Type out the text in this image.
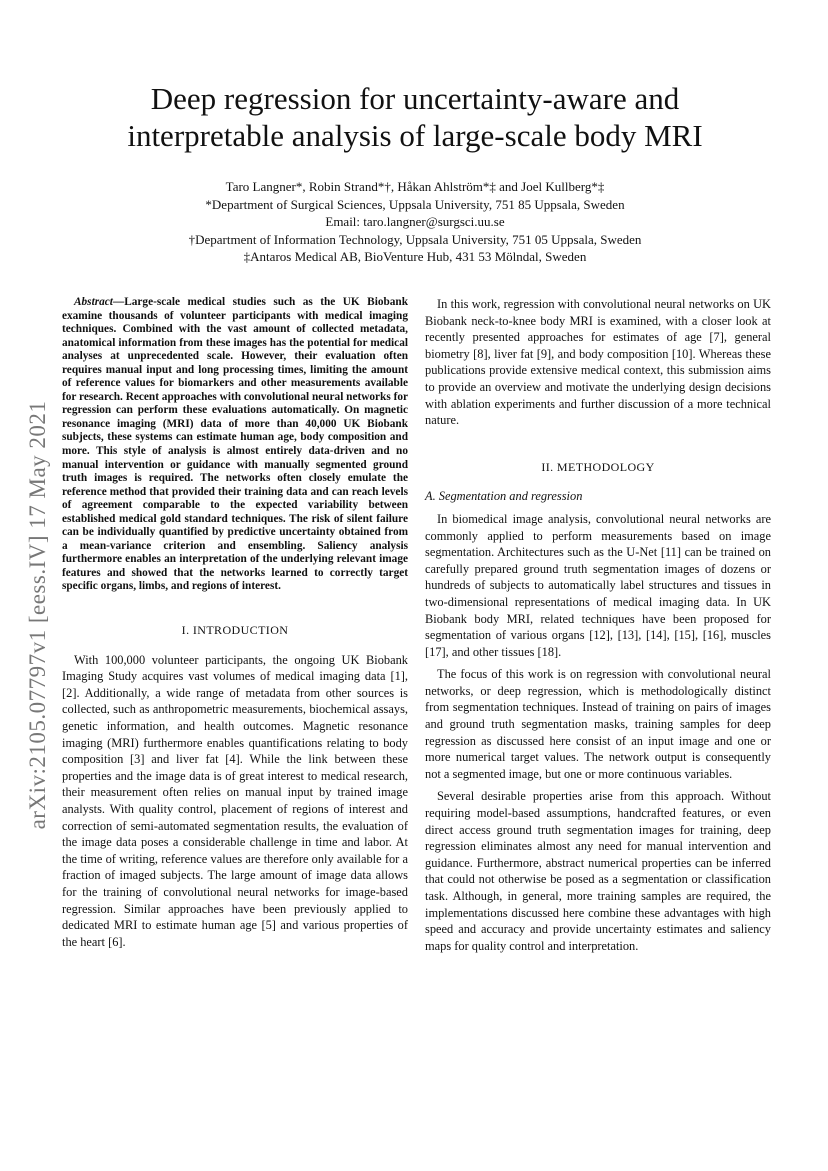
arXiv:2105.07797v1 [eess.IV] 17 May 2021
Deep regression for uncertainty-aware and
interpretable analysis of large-scale body MRI
Taro Langner*, Robin Strand*†, Håkan Ahlström*‡ and Joel Kullberg*‡
*Department of Surgical Sciences, Uppsala University, 751 85 Uppsala, Sweden
Email: taro.langner@surgsci.uu.se
†Department of Information Technology, Uppsala University, 751 05 Uppsala, Sweden
‡Antaros Medical AB, BioVenture Hub, 431 53 Mölndal, Sweden

Abstract—Large-scale medical studies such as the UK Biobank examine thousands of volunteer participants with medical imaging techniques. Combined with the vast amount of collected metadata, anatomical information from these images has the potential for medical analyses at unprecedented scale. However, their evaluation often requires manual input and long processing times, limiting the amount of reference values for biomarkers and other measurements available for research. Recent approaches with convolutional neural networks for regression can perform these evaluations automatically. On magnetic resonance imaging (MRI) data of more than 40,000 UK Biobank subjects, these systems can estimate human age, body composition and more. This style of analysis is almost entirely data-driven and no manual intervention or guidance with manually segmented ground truth images is required. The networks often closely emulate the reference method that provided their training data and can reach levels of agreement comparable to the expected variability between established medical gold standard techniques. The risk of silent failure can be individually quantified by predictive uncertainty obtained from a mean-variance criterion and ensembling. Saliency analysis furthermore enables an interpretation of the underlying relevant image features and showed that the networks learned to correctly target specific organs, limbs, and regions of interest.

I. INTRODUCTION

With 100,000 volunteer participants, the ongoing UK Biobank Imaging Study acquires vast volumes of medical imaging data [1], [2]. Additionally, a wide range of metadata from other sources is collected, such as anthropometric measurements, biochemical assays, genetic information, and health outcomes. Magnetic resonance imaging (MRI) furthermore enables quantifications relating to body composition [3] and liver fat [4]. While the link between these properties and the image data is of great interest to medical research, their measurement often relies on manual input by trained image analysts. With quality control, placement of regions of interest and correction of semi-automated segmentation results, the evaluation of the image data poses a considerable challenge in time and labor. At the time of writing, reference values are therefore only available for a fraction of imaged subjects. The large amount of image data allows for the training of convolutional neural networks for image-based regression. Similar approaches have been previously applied to dedicated MRI to estimate human age [5] and various properties of the heart [6].

In this work, regression with convolutional neural networks on UK Biobank neck-to-knee body MRI is examined, with a closer look at recently presented approaches for estimates of age [7], general biometry [8], liver fat [9], and body composition [10]. Whereas these publications provide extensive medical context, this submission aims to provide an overview and motivate the underlying design decisions with ablation experiments and further discussion of a more technical nature.

II. METHODOLOGY
A. Segmentation and regression

In biomedical image analysis, convolutional neural networks are commonly applied to perform measurements based on image segmentation. Architectures such as the U-Net [11] can be trained on carefully prepared ground truth segmentation images of dozens or hundreds of subjects to automatically label structures and tissues in two-dimensional representations of medical imaging data. In UK Biobank body MRI, related techniques have been proposed for segmentation of various organs [12], [13], [14], [15], [16], muscles [17], and other tissues [18].

The focus of this work is on regression with convolutional neural networks, or deep regression, which is methodologically distinct from segmentation techniques. Instead of training on pairs of images and ground truth segmentation masks, training samples for deep regression as discussed here consist of an input image and one or more numerical target values. The network output is consequently not a segmented image, but one or more continuous variables.

Several desirable properties arise from this approach. Without requiring model-based assumptions, handcrafted features, or even direct access ground truth segmentation images for training, deep regression eliminates almost any need for manual intervention and guidance. Furthermore, abstract numerical properties can be inferred that could not otherwise be posed as a segmentation or classification task. Although, in general, more training samples are required, the implementations discussed here combine these advantages with high speed and accuracy and provide uncertainty estimates and saliency maps for quality control and interpretation.
